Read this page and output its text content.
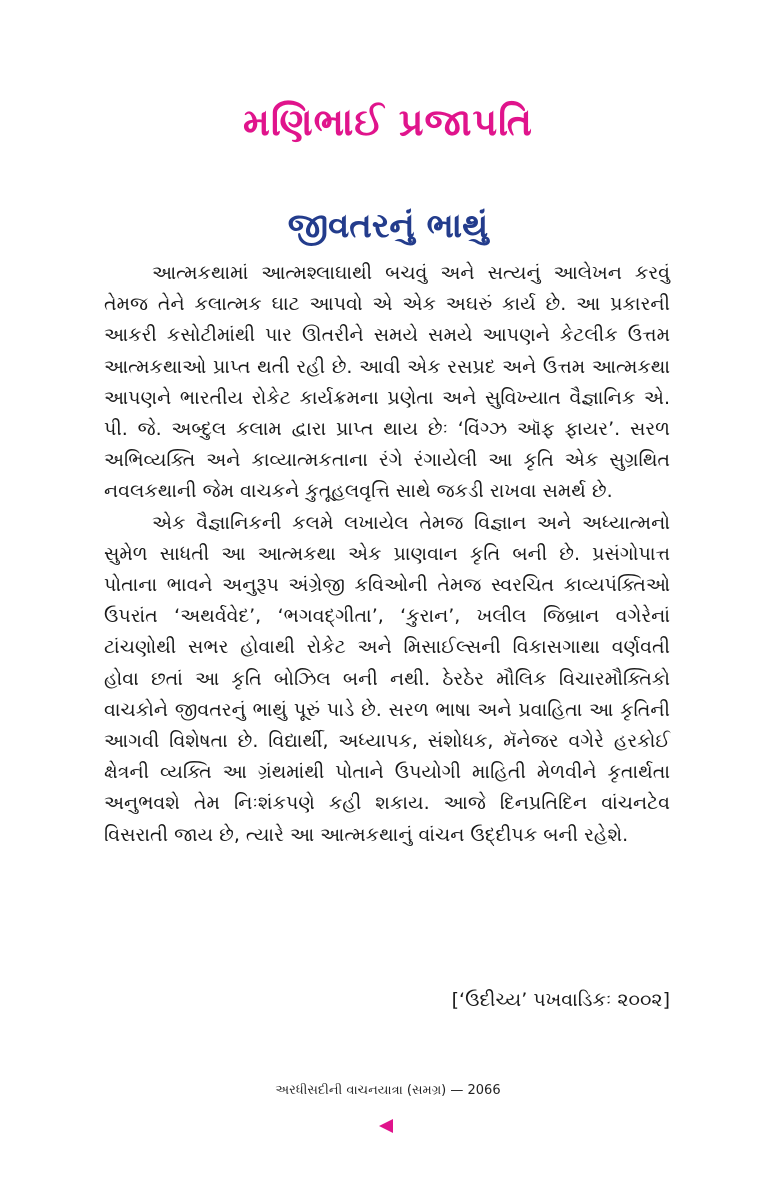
મણિભાઈ પ્રજાપતિ
જીવતરનું ભાથું

આત્મકથામાં આત્મશ્લાઘાથી બચવું અને સત્યનું આલેખન કરવું તેમજ તેને કલાત્મક ઘાટ આપવો એ એક અઘરું કાર્ય છે. આ પ્રકારની આકરી કસોટીમાંથી પાર ઊતરીને સમયે સમયે આપણને કેટલીક ઉત્તમ આત્મકથાઓ પ્રાપ્ત થતી રહી છે. આવી એક રસપ્રદ અને ઉત્તમ આત્મકથા આપણને ભારતીય રોકેટ કાર્યક્રમના પ્રણેતા અને સુવિખ્યાત વૈજ્ઞાનિક એ. પી. જે. અબ્દુલ કલામ દ્વારા પ્રાપ્ત થાય છેઃ ‘વિંગ્ઝ ઑફ ફાયર’. સરળ અભિવ્યક્તિ અને કાવ્યાત્મકતાના રંગે રંગાયેલી આ કૃતિ એક સુગ્રથિત નવલકથાની જેમ વાચકને કુતૂહલવૃત્તિ સાથે જકડી રાખવા સમર્થ છે.

એક વૈજ્ઞાનિકની કલમે લખાયેલ તેમજ વિજ્ઞાન અને અધ્યાત્મનો સુમેળ સાધતી આ આત્મકથા એક પ્રાણવાન કૃતિ બની છે. પ્રસંગોપાત્ત પોતાના ભાવને અનુરૂપ અંગ્રેજી કવિઓની તેમજ સ્વરચિત કાવ્યપંક્તિઓ ઉપરાંત ‘અથર્વવેદ’, ‘ભગવદ્ગીતા’, ‘કુરાન’, ખલીલ જિબ્રાન વગેરેનાં ટાંચણોથી સભર હોવાથી રોકેટ અને મિસાઈલ્સની વિકાસગાથા વર્ણવતી હોવા છતાં આ કૃતિ બોઝિલ બની નથી. ઠેરઠેર મૌલિક વિચારમૌક્તિકો વાચકોને જીવતરનું ભાથું પૂરું પાડે છે. સરળ ભાષા અને પ્રવાહિતા આ કૃતિની આગવી વિશેષતા છે. વિદ્યાર્થી, અધ્યાપક, સંશોધક, મૅનેજર વગેરે હરકોઈ ક્ષેત્રની વ્યક્તિ આ ગ્રંથમાંથી પોતાને ઉપયોગી માહિતી મેળવીને કૃતાર્થતા અનુભવશે તેમ નિઃશંકપણે કહી શકાય. આજે દિનપ્રતિદિન વાંચનટેવ વિસરાતી જાય છે, ત્યારે આ આત્મકથાનું વાંચન ઉદ્દીપક બની રહેશે.

[‘ઉદીચ્ય’ પખવાડિકઃ ૨૦૦૨]
અરધીસદીની વાચનયાત્રા (સમગ્ર) — 2066
